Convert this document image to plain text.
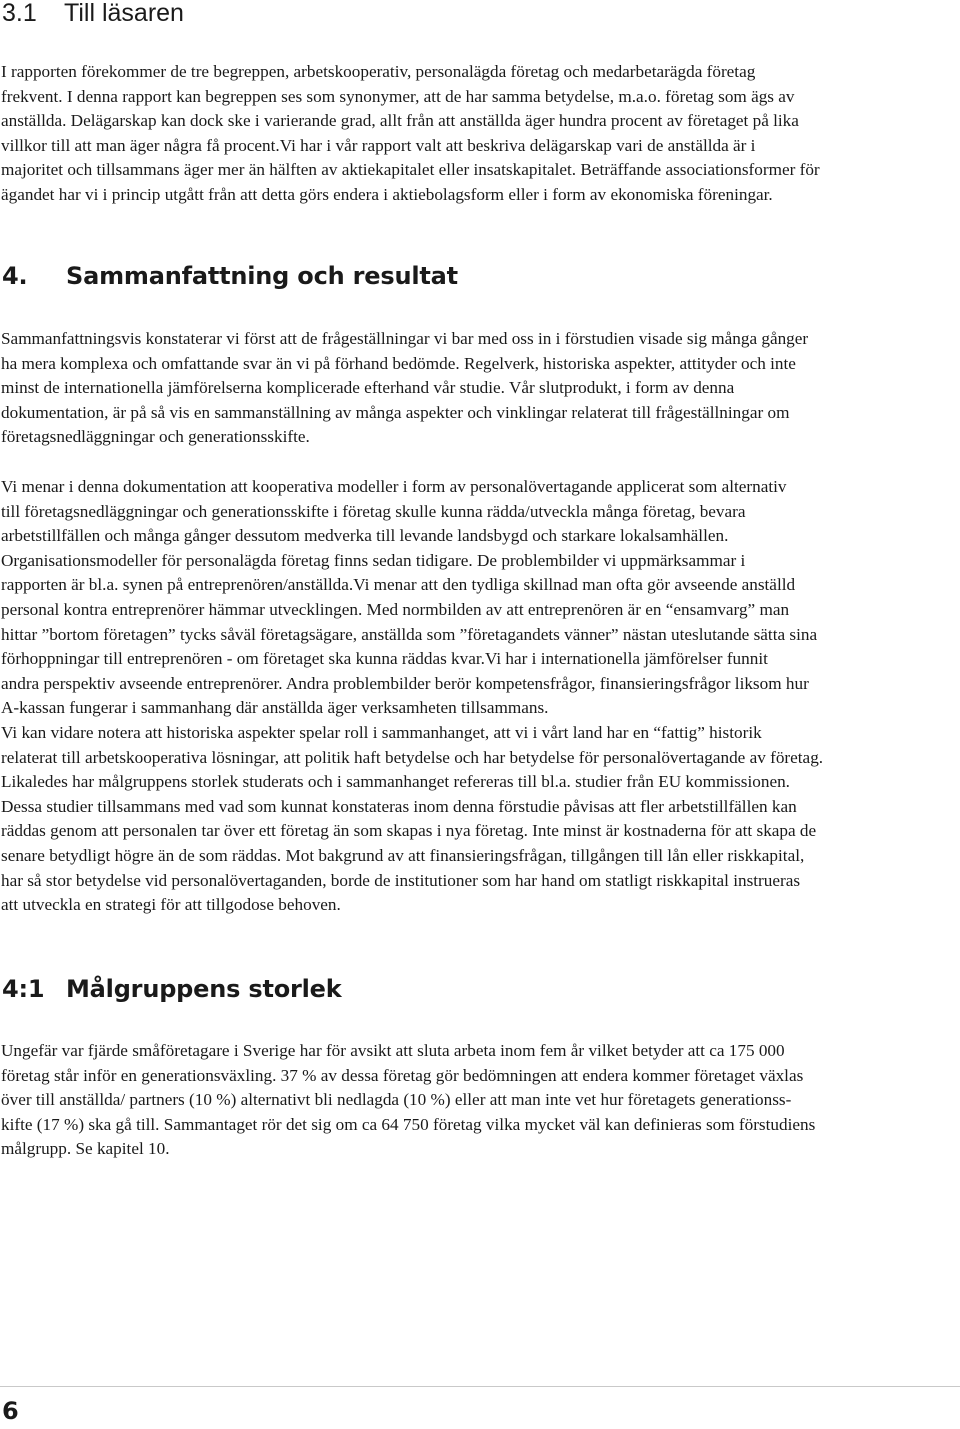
3.1 Till läsaren
I rapporten förekommer de tre begreppen, arbetskooperativ, personalägda företag och medarbetarägda företag
frekvent. I denna rapport kan begreppen ses som synonymer, att de har samma betydelse, m.a.o. företag som ägs av
anställda. Delägarskap kan dock ske i varierande grad, allt från att anställda äger hundra procent av företaget på lika
villkor till att man äger några få procent.Vi har i vår rapport valt att beskriva delägarskap vari de anställda är i
majoritet och tillsammans äger mer än hälften av aktiekapitalet eller insatskapitalet. Beträffande associationsformer för
ägandet har vi i princip utgått från att detta görs endera i aktiebolagsform eller i form av ekonomiska föreningar.
4. Sammanfattning och resultat
Sammanfattningsvis konstaterar vi först att de frågeställningar vi bar med oss in i förstudien visade sig många gånger
ha mera komplexa och omfattande svar än vi på förhand bedömde. Regelverk, historiska aspekter, attityder och inte
minst de internationella jämförelserna komplicerade efterhand vår studie. Vår slutprodukt, i form av denna
dokumentation, är på så vis en sammanställning av många aspekter och vinklingar relaterat till frågeställningar om
företagsnedläggningar och generationsskifte.
Vi menar i denna dokumentation att kooperativa modeller i form av personalövertagande applicerat som alternativ
till företagsnedläggningar och generationsskifte i företag skulle kunna rädda/utveckla många företag, bevara
arbetstillfällen och många gånger dessutom medverka till levande landsbygd och starkare lokalsamhällen.
Organisationsmodeller för personalägda företag finns sedan tidigare. De problembilder vi uppmärksammar i
rapporten är bl.a. synen på entreprenören/anställda.Vi menar att den tydliga skillnad man ofta gör avseende anställd
personal kontra entreprenörer hämmar utvecklingen. Med normbilden av att entreprenören är en “ensamvarg” man
hittar ”bortom företagen” tycks såväl företagsägare, anställda som ”företagandets vänner” nästan uteslutande sätta sina
förhoppningar till entreprenören - om företaget ska kunna räddas kvar.Vi har i internationella jämförelser funnit
andra perspektiv avseende entreprenörer. Andra problembilder berör kompetensfrågor, finansieringsfrågor liksom hur
A-kassan fungerar i sammanhang där anställda äger verksamheten tillsammans.
Vi kan vidare notera att historiska aspekter spelar roll i sammanhanget, att vi i vårt land har en “fattig” historik
relaterat till arbetskooperativa lösningar, att politik haft betydelse och har betydelse för personalövertagande av företag.
Likaledes har målgruppens storlek studerats och i sammanhanget refereras till bl.a. studier från EU kommissionen.
Dessa studier tillsammans med vad som kunnat konstateras inom denna förstudie påvisas att fler arbetstillfällen kan
räddas genom att personalen tar över ett företag än som skapas i nya företag. Inte minst är kostnaderna för att skapa de
senare betydligt högre än de som räddas. Mot bakgrund av att finansieringsfrågan, tillgången till lån eller riskkapital,
har så stor betydelse vid personalövertaganden, borde de institutioner som har hand om statligt riskkapital instrueras
att utveckla en strategi för att tillgodose behoven.
4:1 Målgruppens storlek
Ungefär var fjärde småföretagare i Sverige har för avsikt att sluta arbeta inom fem år vilket betyder att ca 175 000
företag står inför en generationsväxling. 37 % av dessa företag gör bedömningen att endera kommer företaget växlas
över till anställda/ partners (10 %) alternativt bli nedlagda (10 %) eller att man inte vet hur företagets generationss-
kifte (17 %) ska gå till. Sammantaget rör det sig om ca 64 750 företag vilka mycket väl kan definieras som förstudiens
målgrupp. Se kapitel 10.
6
